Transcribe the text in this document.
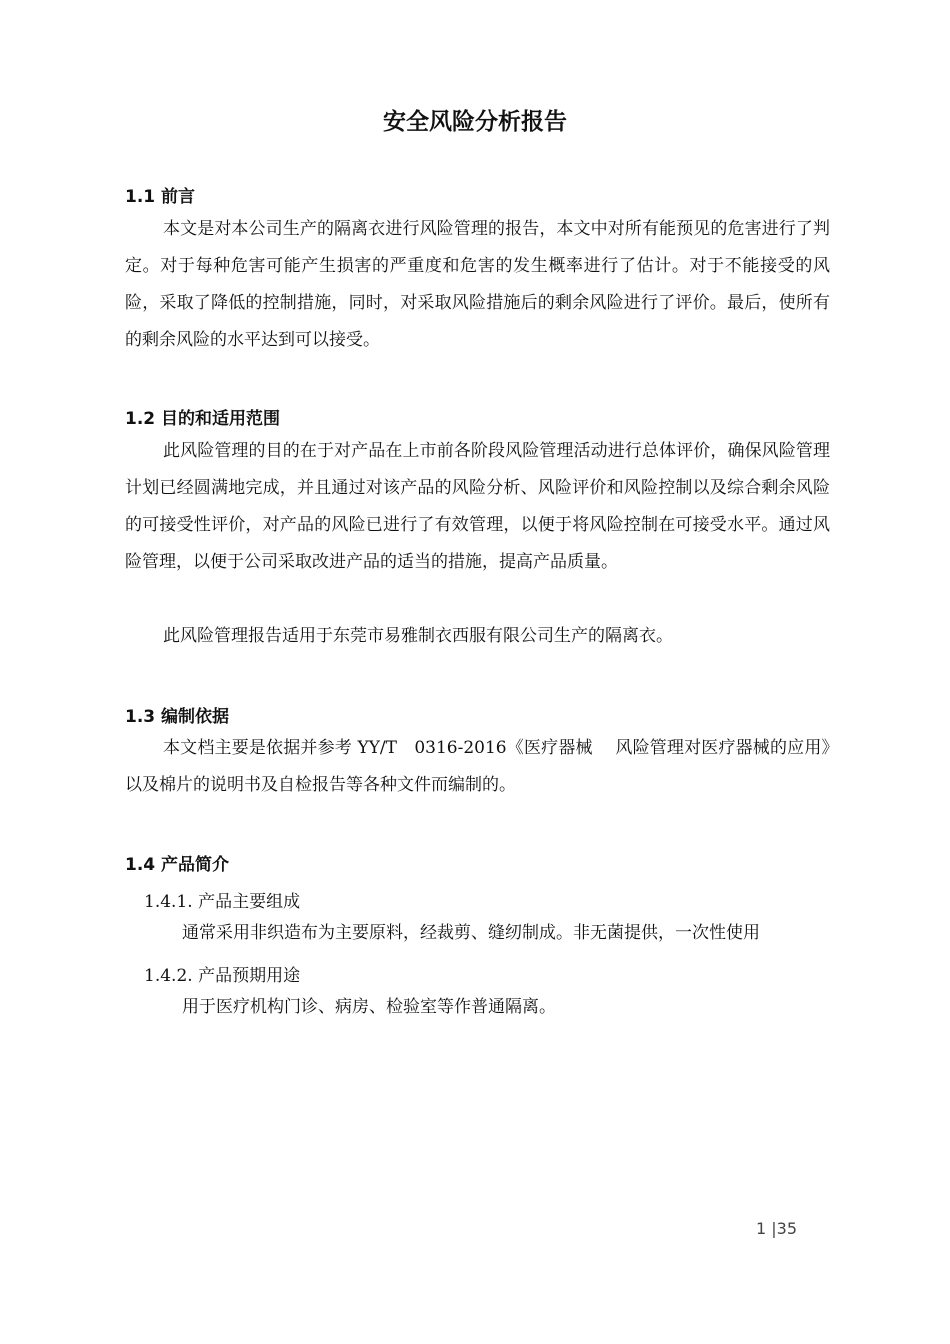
安全风险分析报告
1.1 前言

本文是对本公司生产的隔离衣进行风险管理的报告，本文中对所有能预见的危害进行了判定。对于每种危害可能产生损害的严重度和危害的发生概率进行了估计。对于不能接受的风险，采取了降低的控制措施，同时，对采取风险措施后的剩余风险进行了评价。最后，使所有的剩余风险的水平达到可以接受。

1.2 目的和适用范围

此风险管理的目的在于对产品在上市前各阶段风险管理活动进行总体评价，确保风险管理计划已经圆满地完成，并且通过对该产品的风险分析、风险评价和风险控制以及综合剩余风险的可接受性评价，对产品的风险已进行了有效管理，以便于将风险控制在可接受水平。通过风险管理，以便于公司采取改进产品的适当的措施，提高产品质量。

此风险管理报告适用于东莞市易雅制衣西服有限公司生产的隔离衣。

1.3 编制依据

本文档主要是依据并参考 YY/T　0316-2016《医疗器械　 风险管理对医疗器械的应用》以及棉片的说明书及自检报告等各种文件而编制的。

1.4 产品简介
1.4.1. 产品主要组成

通常采用非织造布为主要原料，经裁剪、缝纫制成。非无菌提供，一次性使用

1.4.2. 产品预期用途

用于医疗机构门诊、病房、检验室等作普通隔离。

1 |35
